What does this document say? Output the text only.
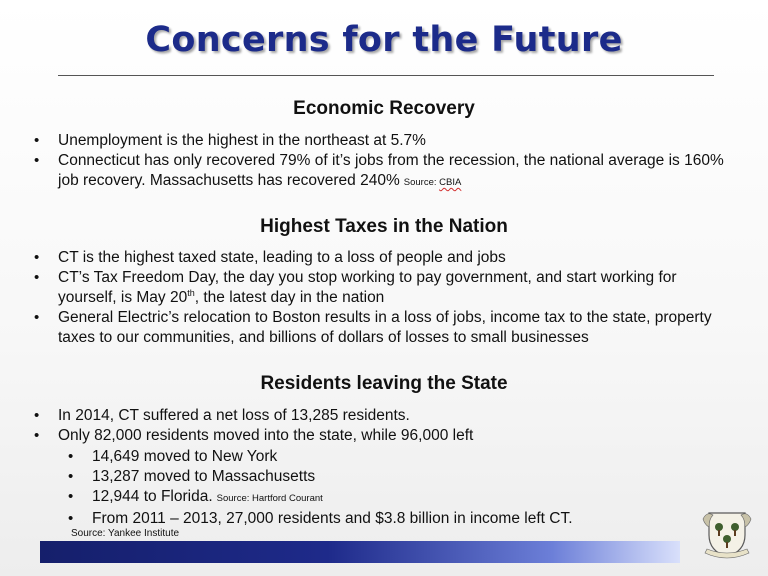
Concerns for the Future
Economic Recovery
• Unemployment is the highest in the northeast at 5.7%
• Connecticut has only recovered 79% of it’s jobs from the recession, the national average is 160% job recovery. Massachusetts has recovered 240% Source: CBIA
Highest Taxes in the Nation
• CT is the highest taxed state, leading to a loss of people and jobs
• CT’s Tax Freedom Day, the day you stop working to pay government, and start working for yourself, is May 20th, the latest day in the nation
• General Electric’s relocation to Boston results in a loss of jobs, income tax to the state, property taxes to our communities, and billions of dollars of losses to small businesses
Residents leaving the State
• In 2014, CT suffered a net loss of 13,285 residents.
• Only 82,000 residents moved into the state, while 96,000 left
• 14,649 moved to New York
• 13,287 moved to Massachusetts
• 12,944 to Florida. Source: Hartford Courant
• From 2011 – 2013, 27,000 residents and $3.8 billion in income left CT.
Source: Yankee Institute
